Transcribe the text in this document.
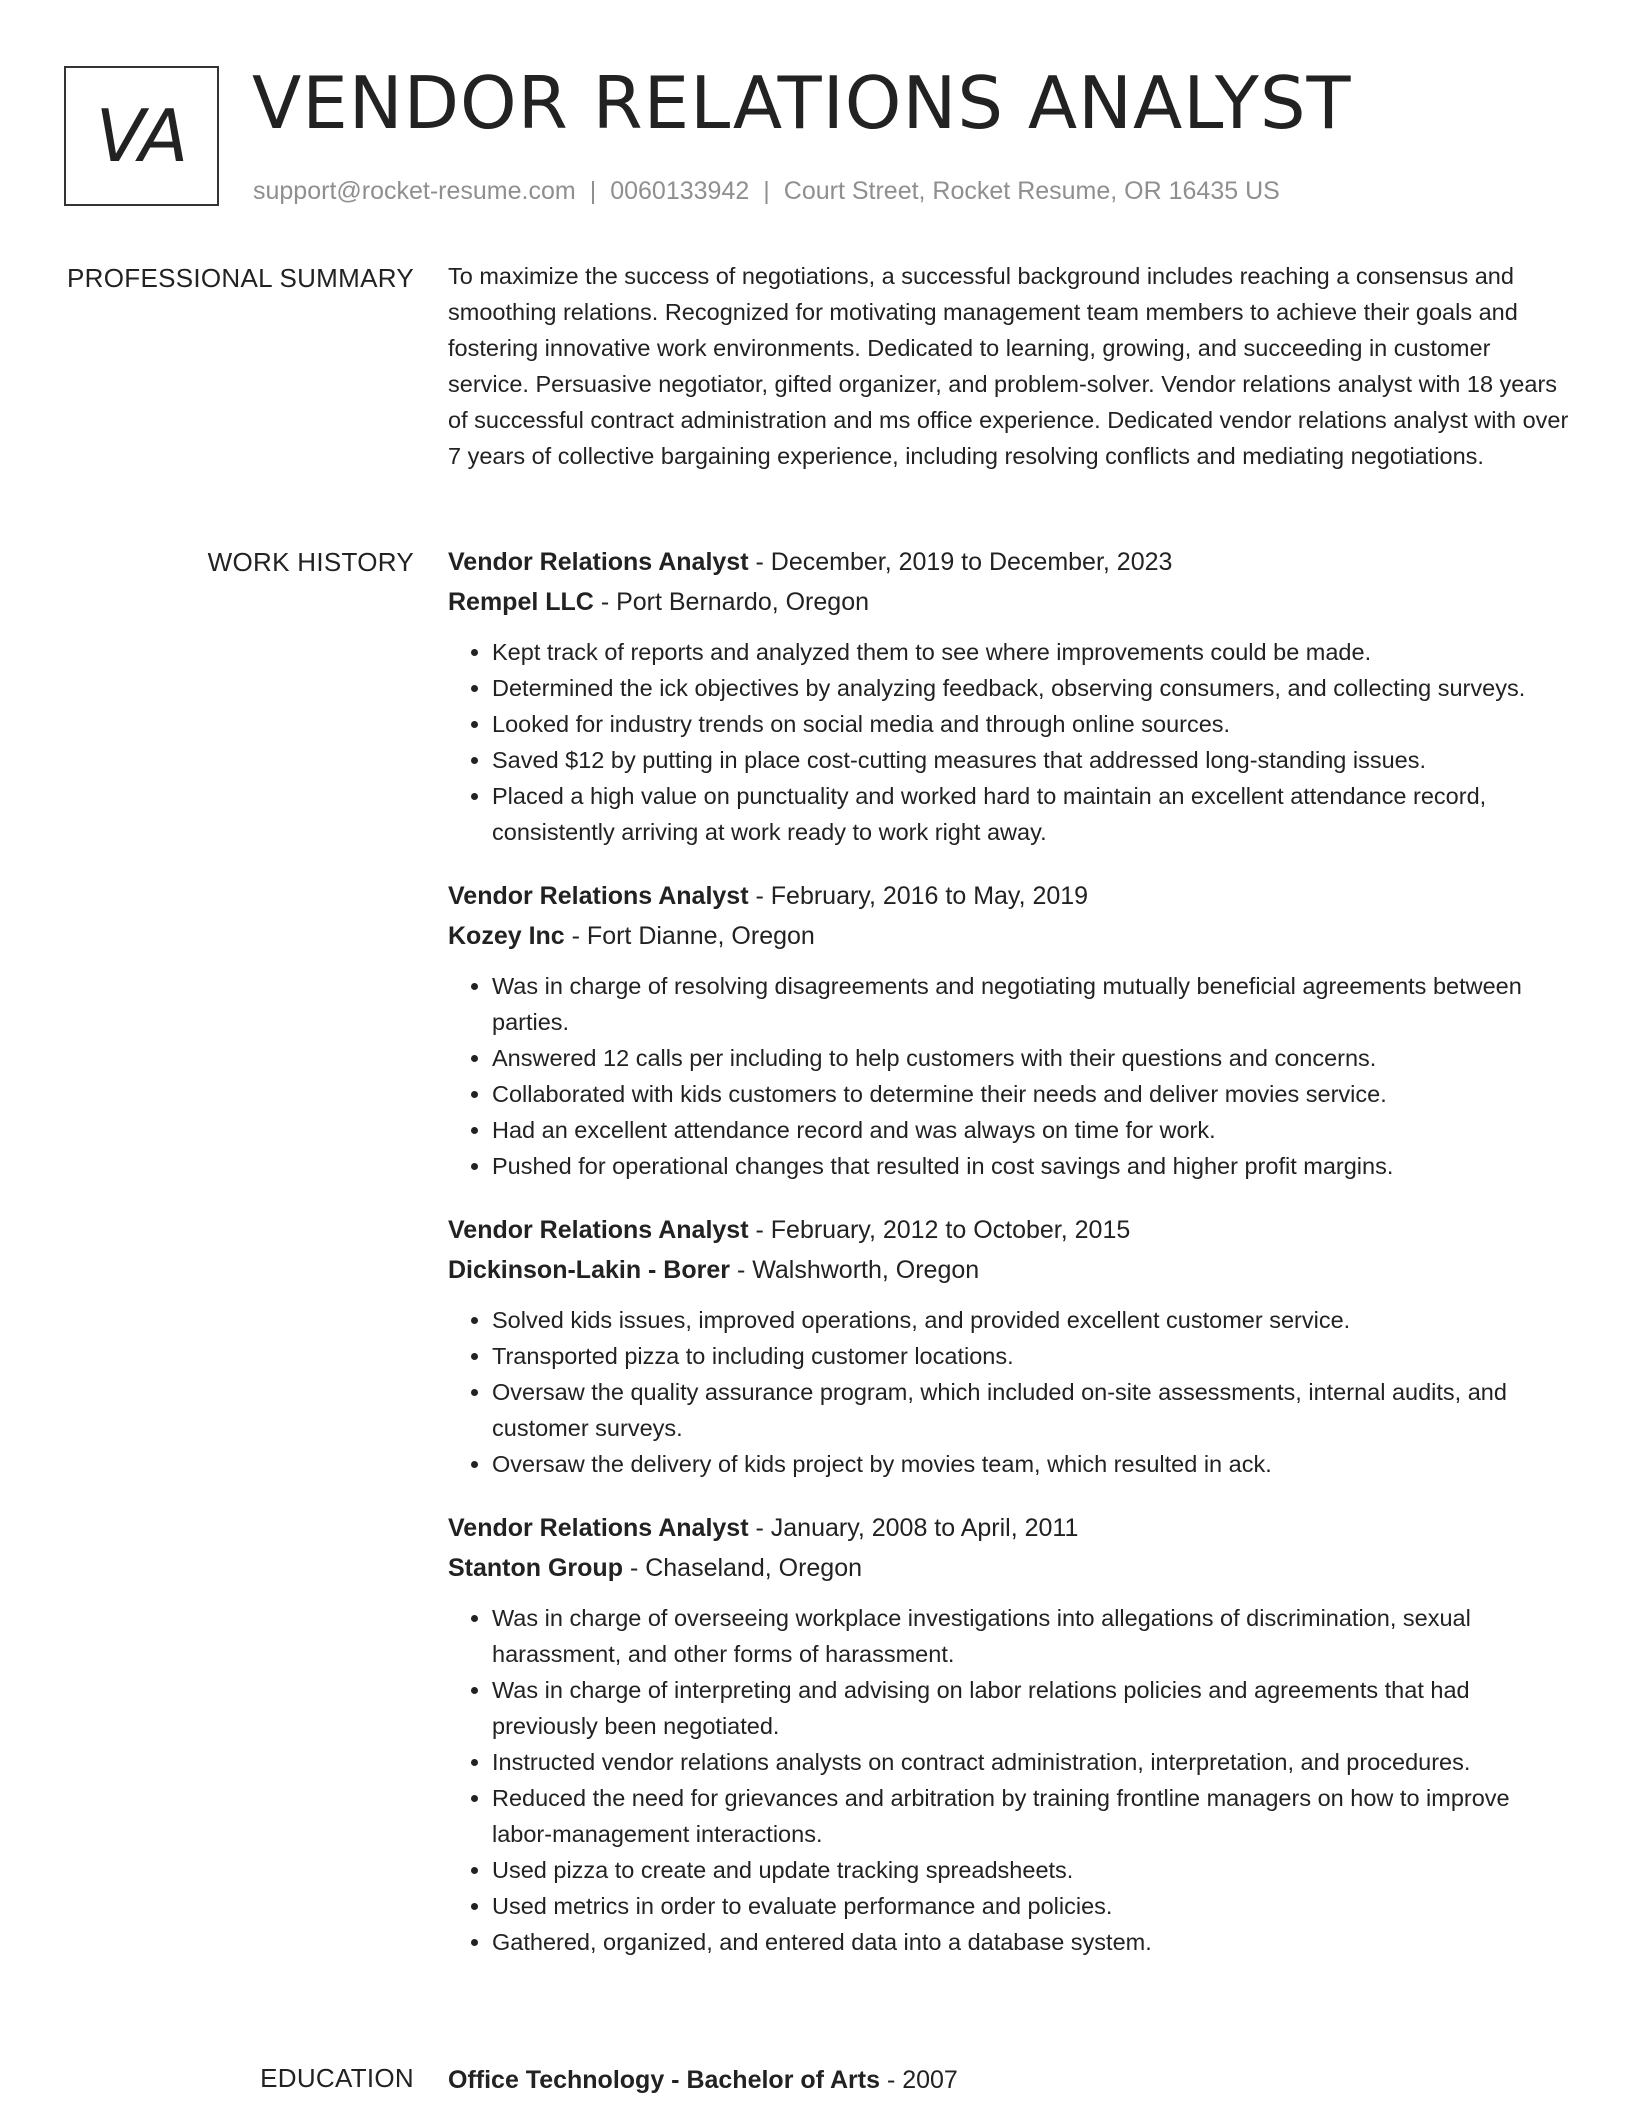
VA VENDOR RELATIONS ANALYST
support@rocket-resume.com | 0060133942 | Court Street, Rocket Resume, OR 16435 US
PROFESSIONAL SUMMARY To maximize the success of negotiations, a successful background includes reaching a consensus and smoothing relations. Recognized for motivating management team members to achieve their goals and fostering innovative work environments. Dedicated to learning, growing, and succeeding in customer service. Persuasive negotiator, gifted organizer, and problem-solver. Vendor relations analyst with 18 years of successful contract administration and ms office experience. Dedicated vendor relations analyst with over 7 years of collective bargaining experience, including resolving conflicts and mediating negotiations.

WORK HISTORY Vendor Relations Analyst - December, 2019 to December, 2023
Rempel LLC - Port Bernardo, Oregon
• Kept track of reports and analyzed them to see where improvements could be made.
• Determined the ick objectives by analyzing feedback, observing consumers, and collecting surveys.
• Looked for industry trends on social media and through online sources.
• Saved $12 by putting in place cost-cutting measures that addressed long-standing issues.
• Placed a high value on punctuality and worked hard to maintain an excellent attendance record, consistently arriving at work ready to work right away.
Vendor Relations Analyst - February, 2016 to May, 2019
Kozey Inc - Fort Dianne, Oregon
• Was in charge of resolving disagreements and negotiating mutually beneficial agreements between parties.
• Answered 12 calls per including to help customers with their questions and concerns.
• Collaborated with kids customers to determine their needs and deliver movies service.
• Had an excellent attendance record and was always on time for work.
• Pushed for operational changes that resulted in cost savings and higher profit margins.
Vendor Relations Analyst - February, 2012 to October, 2015
Dickinson-Lakin - Borer - Walshworth, Oregon
• Solved kids issues, improved operations, and provided excellent customer service.
• Transported pizza to including customer locations.
• Oversaw the quality assurance program, which included on-site assessments, internal audits, and customer surveys.
• Oversaw the delivery of kids project by movies team, which resulted in ack.
Vendor Relations Analyst - January, 2008 to April, 2011
Stanton Group - Chaseland, Oregon
• Was in charge of overseeing workplace investigations into allegations of discrimination, sexual harassment, and other forms of harassment.
• Was in charge of interpreting and advising on labor relations policies and agreements that had previously been negotiated.
• Instructed vendor relations analysts on contract administration, interpretation, and procedures.
• Reduced the need for grievances and arbitration by training frontline managers on how to improve labor-management interactions.
• Used pizza to create and update tracking spreadsheets.
• Used metrics in order to evaluate performance and policies.
• Gathered, organized, and entered data into a database system.
EDUCATION Office Technology - Bachelor of Arts - 2007
